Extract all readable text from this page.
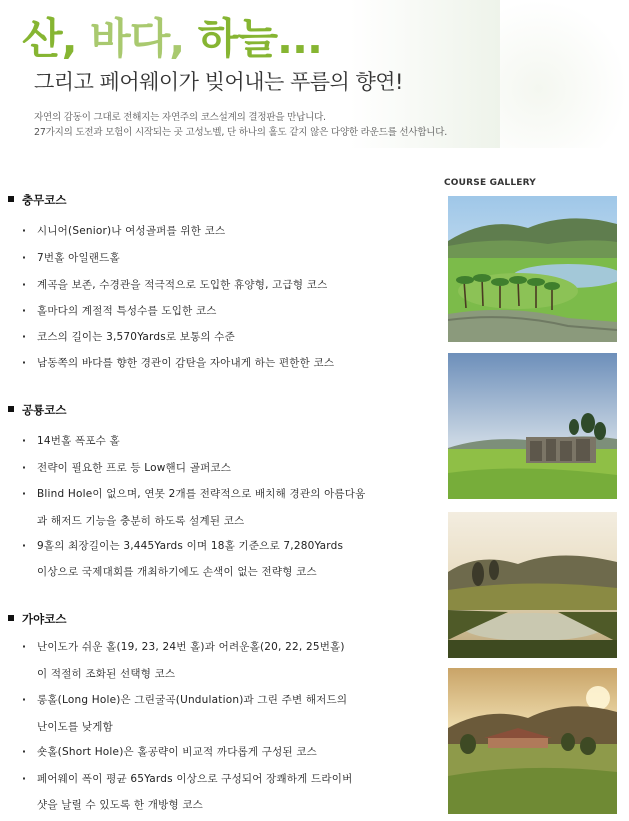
산, 바다, 하늘...
그리고 페어웨이가 빚어내는 푸름의 향연!
자연의 감동이 그대로 전해지는 자연주의 코스설계의 결정판을 만납니다.
27가지의 도전과 모험이 시작되는 곳 고성노벨, 단 하나의 홀도 같지 않은 다양한 라운드를 선사합니다.
COURSE GALLERY
충무코스
· 시니어(Senior)나 여성골퍼를 위한 코스
· 7번홀 아일랜드홀
· 계곡을 보존, 수경관을 적극적으로 도입한 휴양형, 고급형 코스
· 홀마다의 계절적 특성수를 도입한 코스
· 코스의 길이는 3,570Yards로 보통의 수준
· 남동쪽의 바다를 향한 경관이 감탄을 자아내게 하는 편한한 코스
공룡코스
· 14번홀 폭포수 홀
· 전략이 필요한 프로 등 Low핸디 골퍼코스
· Blind Hole이 없으며, 연못 2개를 전략적으로 배치해 경관의 아름다움
과 해저드 기능을 충분히 하도록 설계된 코스
· 9홀의 최장길이는 3,445Yards 이며 18홀 기준으로 7,280Yards
이상으로 국제대회를 개최하기에도 손색이 없는 전략형 코스
가야코스
· 난이도가 쉬운 홀(19, 23, 24번 홀)과 어려운홀(20, 22, 25번홀)
이 적절히 조화된 선택형 코스
· 롱홀(Long Hole)은 그린굴곡(Undulation)과 그린 주변 해저드의
난이도를 낮게함
· 숏홀(Short Hole)은 홀공략이 비교적 까다롭게 구성된 코스
· 페어웨이 폭이 평균 65Yards 이상으로 구성되어 장쾌하게 드라이버
샷을 날릴 수 있도록 한 개방형 코스
